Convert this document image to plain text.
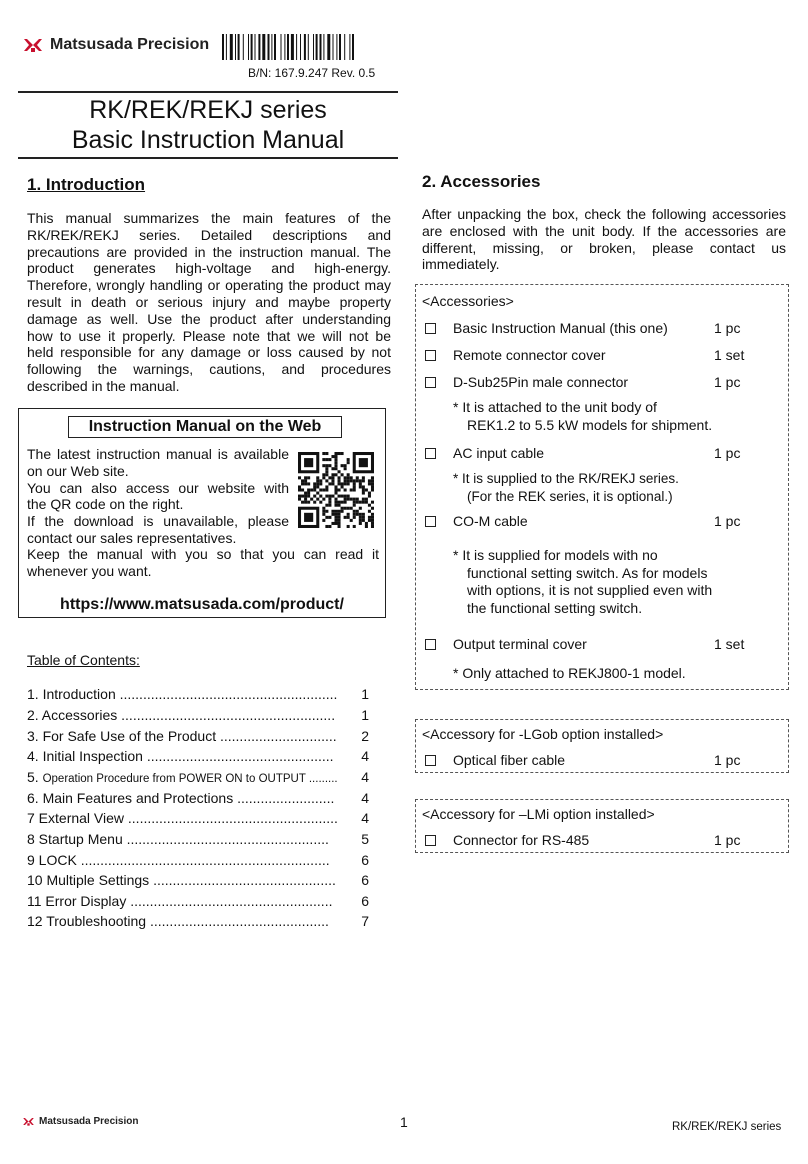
Matsusada Precision
B/N: 167.9.247 Rev. 0.5
RK/REK/REKJ series
Basic Instruction Manual
1. Introduction
This manual summarizes the main features of the
RK/REK/REKJ series. Detailed descriptions and
precautions are provided in the instruction manual. The
product generates high-voltage and high-energy.
Therefore, wrongly handling or operating the product may
result in death or serious injury and maybe property
damage as well. Use the product after understanding
how to use it properly. Please note that we will not be
held responsible for any damage or loss caused by not
following the warnings, cautions, and procedures
described in the manual.
Instruction Manual on the Web
The latest instruction manual is available
on our Web site.
You can also access our website with
the QR code on the right.
If the download is unavailable, please
contact our sales representatives.
Keep the manual with you so that you can read it
whenever you want.
https://www.matsusada.com/product/
Table of Contents:
1. Introduction ........................................................	1
2. Accessories .......................................................	1
3. For Safe Use of the Product ..............................	2
4. Initial Inspection ................................................	4
5. Operation Procedure from POWER ON to OUTPUT .........	4
6. Main Features and Protections .........................	4
7 External View ......................................................	4
8 Startup Menu ....................................................	5
9 LOCK ................................................................	6
10 Multiple Settings ...............................................	6
11 Error Display ....................................................	6
12 Troubleshooting ..............................................	7
2. Accessories
After unpacking the box, check the following accessories
are enclosed with the unit body. If the accessories are
different, missing, or broken, please contact us
immediately.
<Accessories>
Basic Instruction Manual (this one)	1 pc
Remote connector cover	1 set
D-Sub25Pin male connector	1 pc
AC input cable	1 pc
CO-M cable	1 pc
Output terminal cover	1 set
* It is attached to the unit body of
REK1.2 to 5.5 kW models for shipment.
* It is supplied to the RK/REKJ series.
(For the REK series, it is optional.)
* It is supplied for models with no
functional setting switch. As for models
with options, it is not supplied even with
the functional setting switch.
* Only attached to REKJ800-1 model.
<Accessory for -LGob option installed>
Optical fiber cable	1 pc
<Accessory for –LMi option installed>
Connector for RS-485	1 pc
Matsusada Precision	1	RK/REK/REKJ series
